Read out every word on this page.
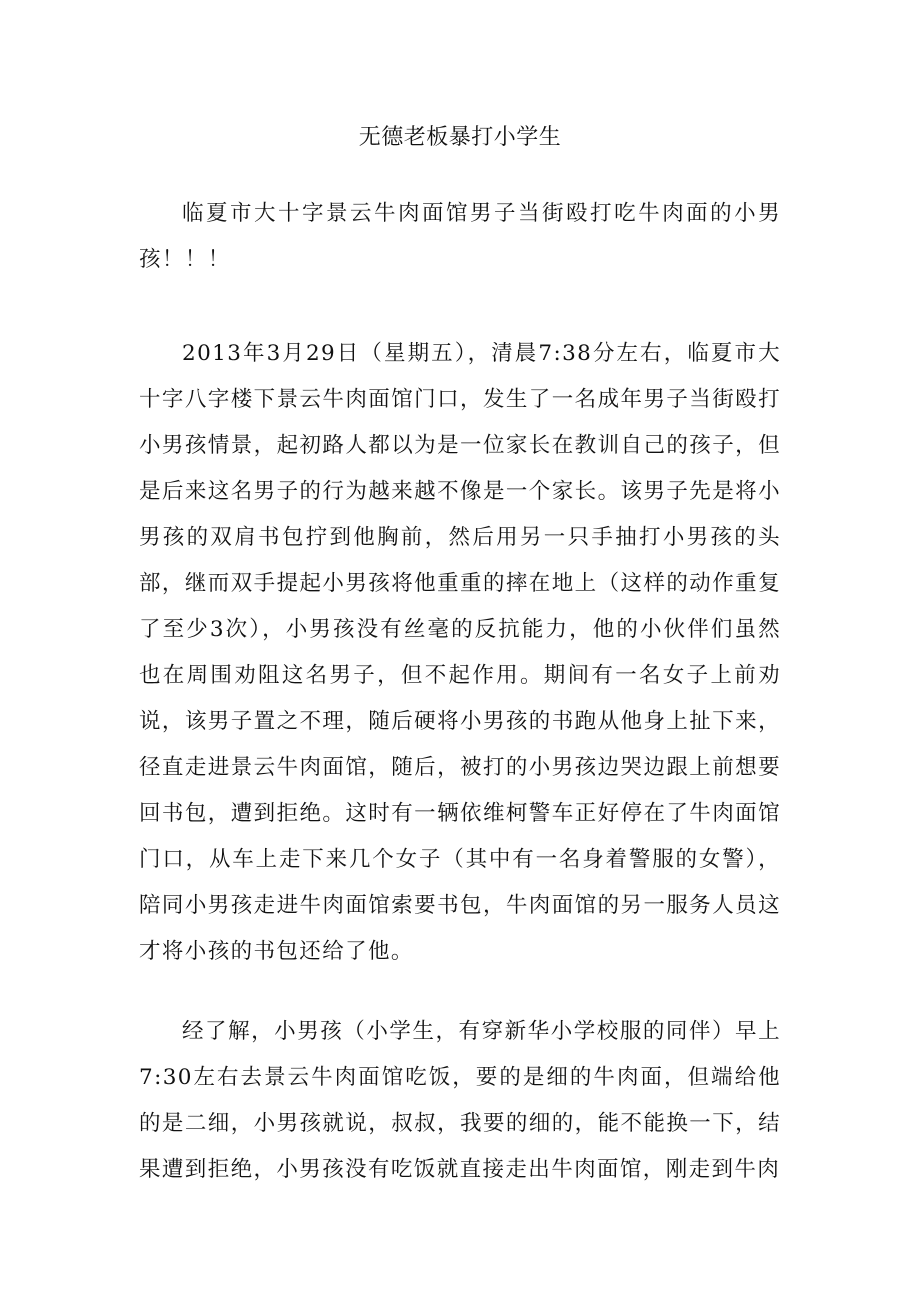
无德老板暴打小学生

临夏市大十字景云牛肉面馆男子当街殴打吃牛肉面的小男孩！！！

2013年3月29日（星期五），清晨7:38分左右，临夏市大十字八字楼下景云牛肉面馆门口，发生了一名成年男子当街殴打小男孩情景，起初路人都以为是一位家长在教训自己的孩子，但是后来这名男子的行为越来越不像是一个家长。该男子先是将小男孩的双肩书包拧到他胸前，然后用另一只手抽打小男孩的头部，继而双手提起小男孩将他重重的摔在地上（这样的动作重复了至少3次），小男孩没有丝毫的反抗能力，他的小伙伴们虽然也在周围劝阻这名男子，但不起作用。期间有一名女子上前劝说，该男子置之不理，随后硬将小男孩的书跑从他身上扯下来，径直走进景云牛肉面馆，随后，被打的小男孩边哭边跟上前想要回书包，遭到拒绝。这时有一辆依维柯警车正好停在了牛肉面馆门口，从车上走下来几个女子（其中有一名身着警服的女警），陪同小男孩走进牛肉面馆索要书包，牛肉面馆的另一服务人员这才将小孩的书包还给了他。

经了解，小男孩（小学生，有穿新华小学校服的同伴）早上7:30左右去景云牛肉面馆吃饭，要的是细的牛肉面，但端给他的是二细，小男孩就说，叔叔，我要的细的，能不能换一下，结果遭到拒绝，小男孩没有吃饭就直接走出牛肉面馆，刚走到牛肉
